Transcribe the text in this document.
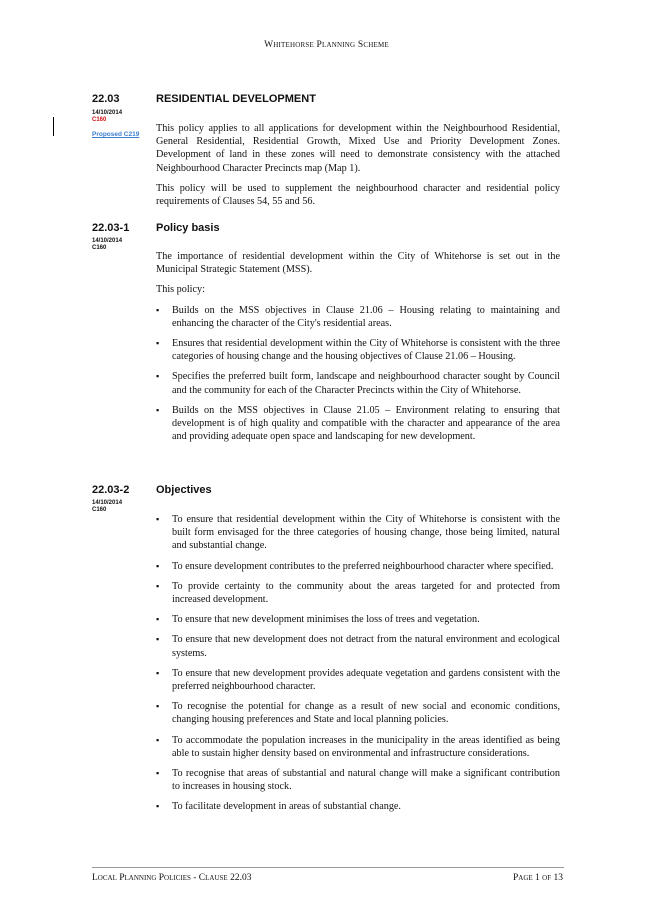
Whitehorse Planning Scheme
22.03	RESIDENTIAL DEVELOPMENT
14/10/2014
C160
Proposed C219

This policy applies to all applications for development within the Neighbourhood Residential, General Residential, Residential Growth, Mixed Use and Priority Development Zones. Development of land in these zones will need to demonstrate consistency with the attached Neighbourhood Character Precincts map (Map 1).

This policy will be used to supplement the neighbourhood character and residential policy requirements of Clauses 54, 55 and 56.

22.03-1 Policy basis
14/10/2014
C160

The importance of residential development within the City of Whitehorse is set out in the Municipal Strategic Statement (MSS).

This policy:

▪ Builds on the MSS objectives in Clause 21.06 – Housing relating to maintaining and enhancing the character of the City's residential areas.
▪ Ensures that residential development within the City of Whitehorse is consistent with the three categories of housing change and the housing objectives of Clause 21.06 – Housing.
▪ Specifies the preferred built form, landscape and neighbourhood character sought by Council and the community for each of the Character Precincts within the City of Whitehorse.
▪ Builds on the MSS objectives in Clause 21.05 – Environment relating to ensuring that development is of high quality and compatible with the character and appearance of the area and providing adequate open space and landscaping for new development.
22.03-2 Objectives
14/10/2014
C160
▪ To ensure that residential development within the City of Whitehorse is consistent with the built form envisaged for the three categories of housing change, those being limited, natural and substantial change.
▪ To ensure development contributes to the preferred neighbourhood character where specified.
▪ To provide certainty to the community about the areas targeted for and protected from increased development.
▪ To ensure that new development minimises the loss of trees and vegetation.
▪ To ensure that new development does not detract from the natural environment and ecological systems.
▪ To ensure that new development provides adequate vegetation and gardens consistent with the preferred neighbourhood character.
▪ To recognise the potential for change as a result of new social and economic conditions, changing housing preferences and State and local planning policies.
▪ To accommodate the population increases in the municipality in the areas identified as being able to sustain higher density based on environmental and infrastructure considerations.
▪ To recognise that areas of substantial and natural change will make a significant contribution to increases in housing stock.
▪ To facilitate development in areas of substantial change.
Local Planning Policies - Clause 22.03	Page 1 of 13
